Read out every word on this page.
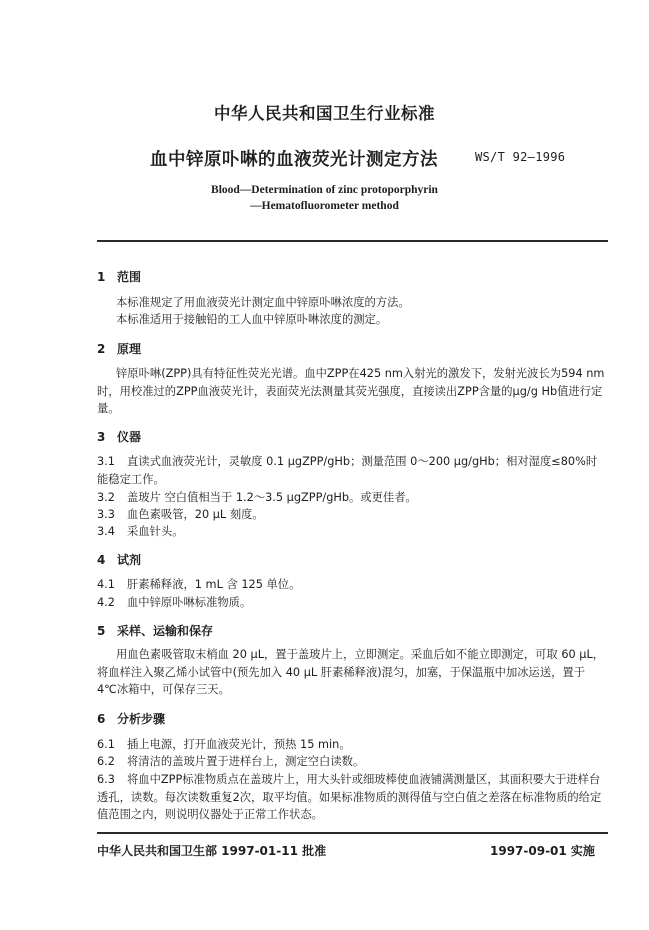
中华人民共和国卫生行业标准
血中锌原卟啉的血液荧光计测定方法	WS/T 92—1996
Blood—Determination of zinc protoporphyrin
—Hematofluorometer method
1 范围
本标准规定了用血液荧光计测定血中锌原卟啉浓度的方法。
本标准适用于接触铅的工人血中锌原卟啉浓度的测定。
2 原理
锌原卟啉(ZPP)具有特征性荧光光谱。血中ZPP在425 nm入射光的激发下，发射光波长为594 nm时，用校准过的ZPP血液荧光计，表面荧光法测量其荧光强度，直接读出ZPP含量的μg/g Hb值进行定量。
3 仪器
3.1 直读式血液荧光计，灵敏度 0.1 μgZPP/gHb；测量范围 0～200 μg/gHb；相对湿度≤80%时能稳定工作。
3.2 盖玻片 空白值相当于 1.2～3.5 μgZPP/gHb。或更佳者。
3.3 血色素吸管，20 μL 刻度。
3.4 采血针头。
4 试剂
4.1 肝素稀释液，1 mL 含 125 单位。
4.2 血中锌原卟啉标准物质。
5 采样、运输和保存
用血色素吸管取末梢血 20 μL，置于盖玻片上，立即测定。采血后如不能立即测定，可取 60 μL，将血样注入聚乙烯小试管中(预先加入 40 μL 肝素稀释液)混匀，加塞，于保温瓶中加冰运送，置于 4℃冰箱中，可保存三天。
6 分析步骤
6.1 插上电源，打开血液荧光计，预热 15 min。
6.2 将清洁的盖玻片置于进样台上，测定空白读数。
6.3 将血中ZPP标准物质点在盖玻片上，用大头针或细玻棒使血液铺满测量区，其面积要大于进样台透孔，读数。每次读数重复2次，取平均值。如果标准物质的测得值与空白值之差落在标准物质的给定值范围之内，则说明仪器处于正常工作状态。
中华人民共和国卫生部 1997-01-11 批准	1997-09-01 实施
